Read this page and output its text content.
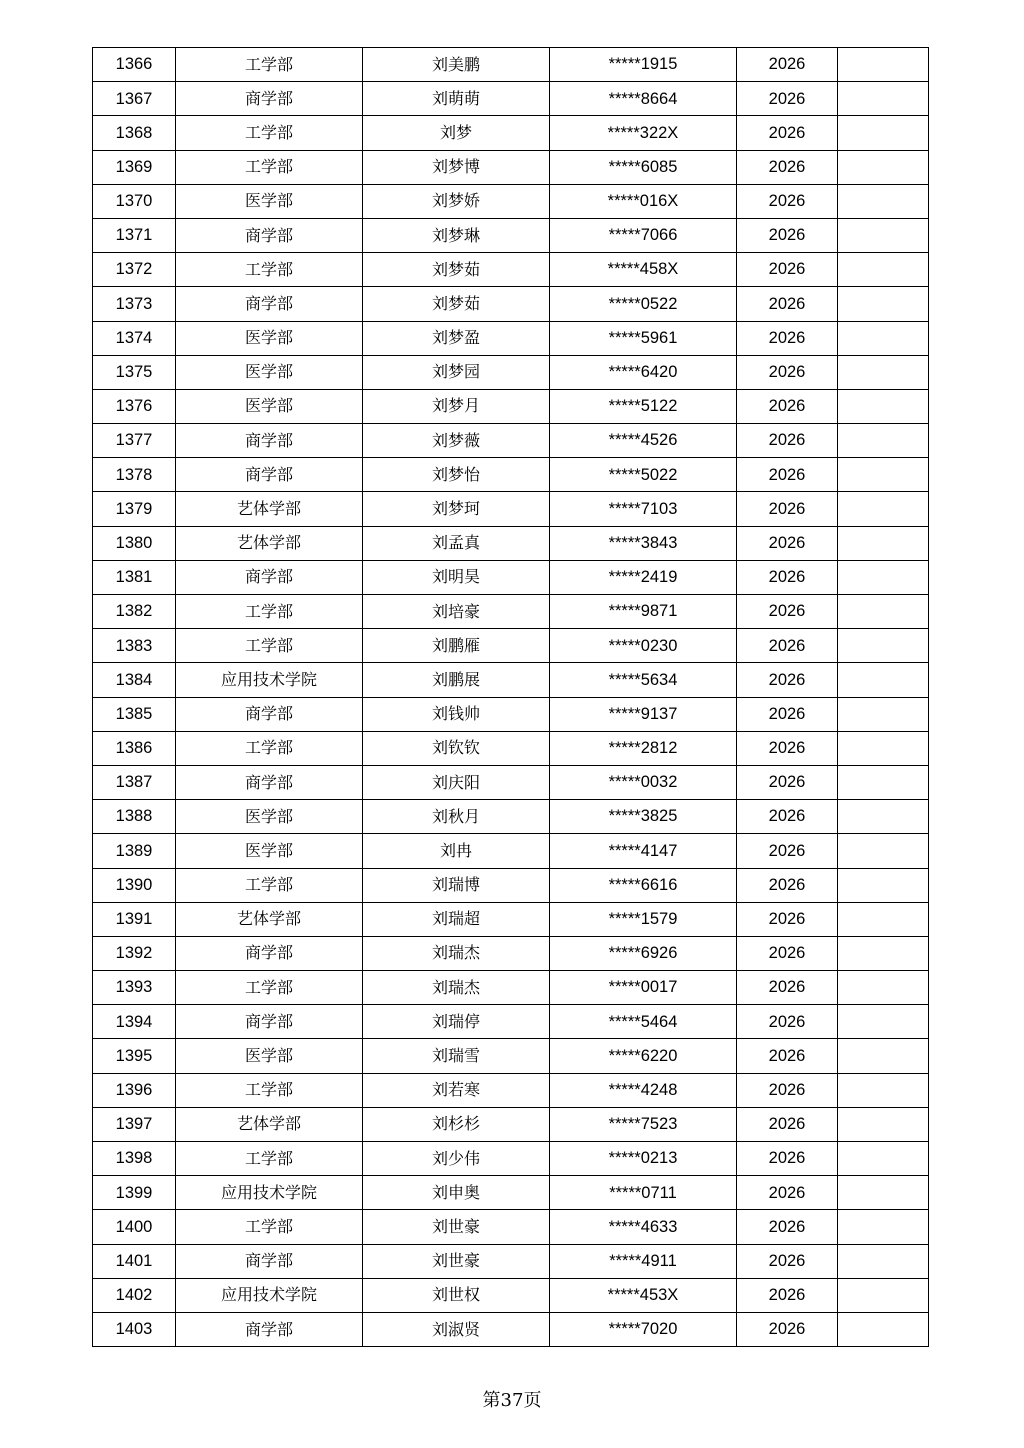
1366	工学部	刘美鹏	*****1915	2026	
1367	商学部	刘萌萌	*****8664	2026	
1368	工学部	刘梦	*****322X	2026	
1369	工学部	刘梦博	*****6085	2026	
1370	医学部	刘梦娇	*****016X	2026	
1371	商学部	刘梦琳	*****7066	2026	
1372	工学部	刘梦茹	*****458X	2026	
1373	商学部	刘梦茹	*****0522	2026	
1374	医学部	刘梦盈	*****5961	2026	
1375	医学部	刘梦园	*****6420	2026	
1376	医学部	刘梦月	*****5122	2026	
1377	商学部	刘梦薇	*****4526	2026	
1378	商学部	刘梦怡	*****5022	2026	
1379	艺体学部	刘梦珂	*****7103	2026	
1380	艺体学部	刘孟真	*****3843	2026	
1381	商学部	刘明昊	*****2419	2026	
1382	工学部	刘培豪	*****9871	2026	
1383	工学部	刘鹏雁	*****0230	2026	
1384	应用技术学院	刘鹏展	*****5634	2026	
1385	商学部	刘钱帅	*****9137	2026	
1386	工学部	刘钦钦	*****2812	2026	
1387	商学部	刘庆阳	*****0032	2026	
1388	医学部	刘秋月	*****3825	2026	
1389	医学部	刘冉	*****4147	2026	
1390	工学部	刘瑞博	*****6616	2026	
1391	艺体学部	刘瑞超	*****1579	2026	
1392	商学部	刘瑞杰	*****6926	2026	
1393	工学部	刘瑞杰	*****0017	2026	
1394	商学部	刘瑞停	*****5464	2026	
1395	医学部	刘瑞雪	*****6220	2026	
1396	工学部	刘若寒	*****4248	2026	
1397	艺体学部	刘杉杉	*****7523	2026	
1398	工学部	刘少伟	*****0213	2026	
1399	应用技术学院	刘申奥	*****0711	2026	
1400	工学部	刘世豪	*****4633	2026	
1401	商学部	刘世豪	*****4911	2026	
1402	应用技术学院	刘世权	*****453X	2026	
1403	商学部	刘淑贤	*****7020	2026	
第37页
